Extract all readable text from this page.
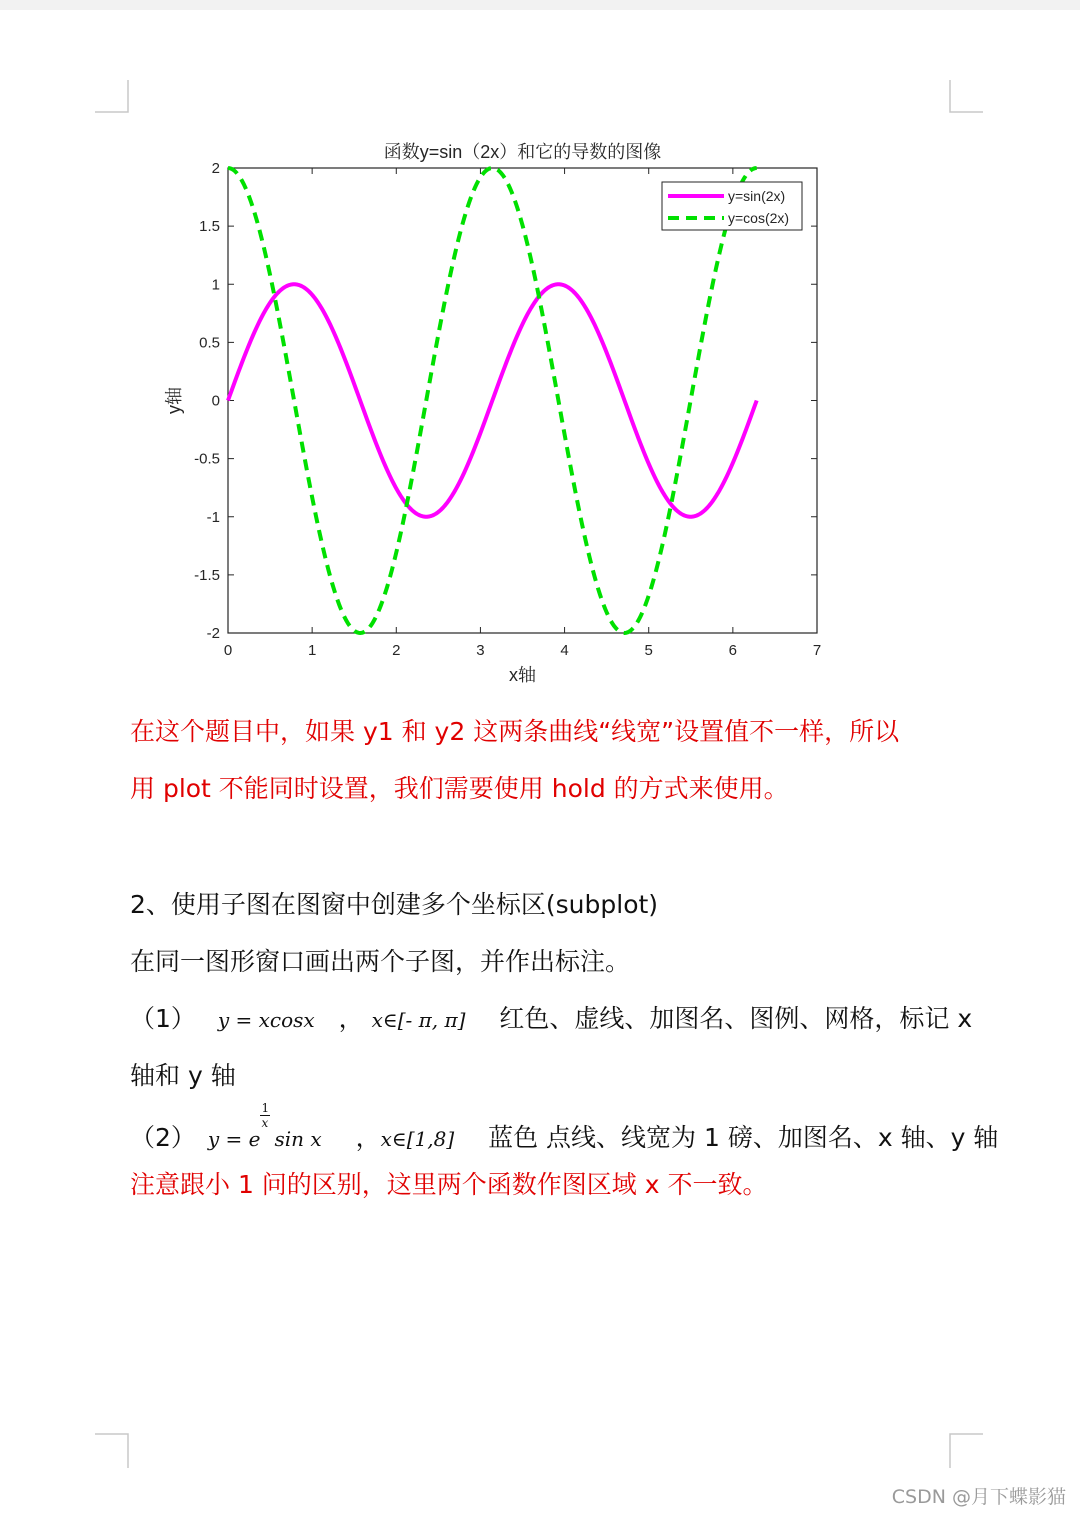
0	1	2	3	4	5	6	7
-2
-1.5
-1
-0.5
0
0.5
1
1.5
2
函数y=sin（2x）和它的导数的图像
x轴
y轴
y=sin(2x)
y=cos(2x)
在这个题目中，如果 y1 和 y2 这两条曲线“线宽”设置值不一样，所以
用 plot 不能同时设置，我们需要使用 hold 的方式来使用。
2、使用子图在图窗中创建多个坐标区(subplot)
在同一图形窗口画出两个子图，并作出标注。
（1） y = xcosx ， x∈[- π, π] 红色、虚线、加图名、图例、网格，标记 x
轴和 y 轴
（2） y = e $\frac{1}{x}$ sin x ，x∈[1,8] 蓝色 点线、线宽为 1 磅、加图名、x 轴、y 轴
注意跟小 1 问的区别，这里两个函数作图区域 x 不一致。
CSDN @月下蝶影猫
